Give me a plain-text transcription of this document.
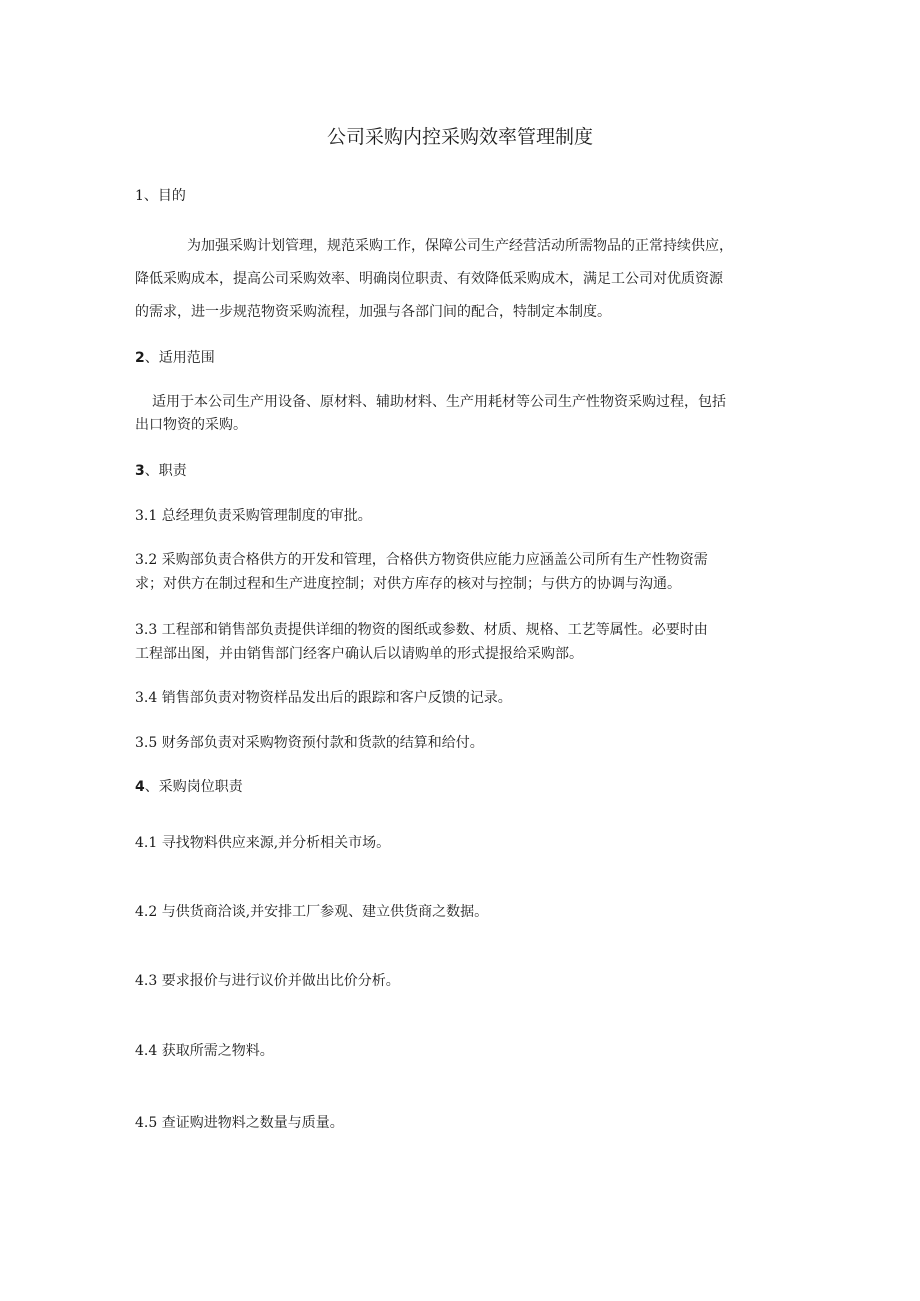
公司采购内控采购效率管理制度

1、目的

为加强采购计划管理，规范采购工作，保障公司生产经营活动所需物品的正常持续供应，

降低采购成本，提高公司采购效率、明确岗位职责、有效降低采购成木，满足工公司对优质资源

的需求，进一步规范物资采购流程，加强与各部门间的配合，特制定本制度。

2、适用范围

适用于本公司生产用设备、原材料、辅助材料、生产用耗材等公司生产性物资采购过程，包括

出口物资的采购。

3、职责

3.1 总经理负责采购管理制度的审批。

3.2 采购部负责合格供方的开发和管理，合格供方物资供应能力应涵盖公司所有生产性物资需

求；对供方在制过程和生产进度控制；对供方库存的核对与控制；与供方的协调与沟通。

3.3 工程部和销售部负责提供详细的物资的图纸或参数、材质、规格、工艺等属性。必要时由

工程部出图，并由销售部门经客户确认后以请购单的形式提报给采购部。

3.4 销售部负责对物资样品发出后的跟踪和客户反馈的记录。

3.5 财务部负责对采购物资预付款和货款的结算和给付。

4、采购岗位职责

4.1 寻找物料供应来源,并分析相关市场。

4.2 与供货商洽谈,并安排工厂参观、建立供货商之数据。

4.3 要求报价与进行议价并做出比价分析。

4.4 获取所需之物料。

4.5 查证购进物料之数量与质量。
